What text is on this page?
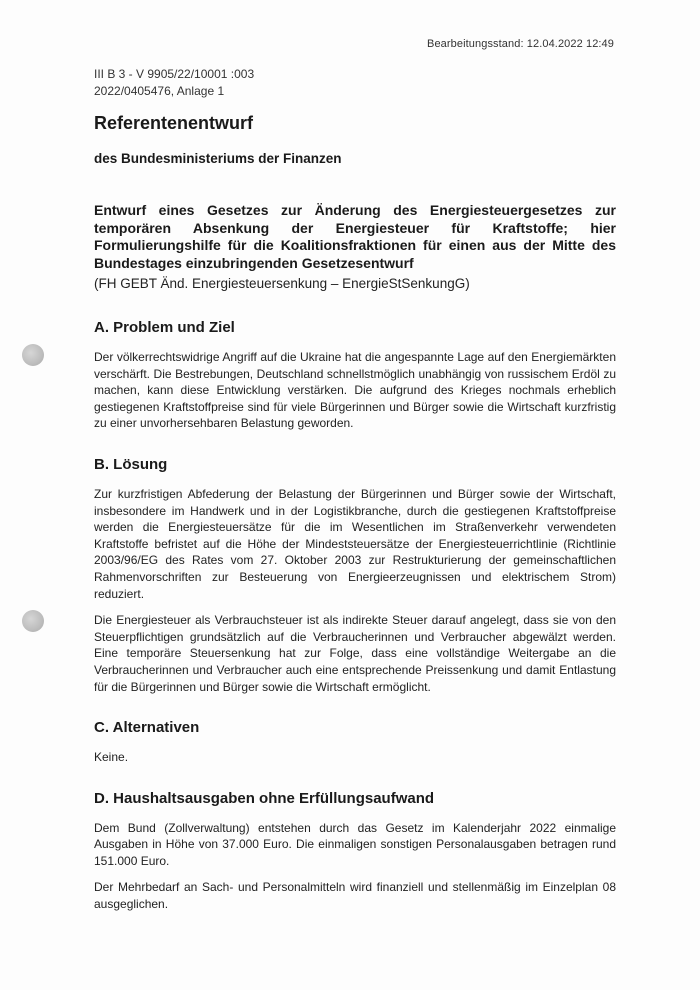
Bearbeitungsstand: 12.04.2022 12:49
III B 3 - V 9905/22/10001 :003
2022/0405476, Anlage 1
Referentenentwurf
des Bundesministeriums der Finanzen
Entwurf eines Gesetzes zur Änderung des Energiesteuergesetzes zur temporären Absenkung der Energiesteuer für Kraftstoffe; hier Formulierungshilfe für die Koalitionsfraktionen für einen aus der Mitte des Bundestages einzubringenden Gesetzesentwurf
(FH GEBT Änd. Energiesteuersenkung – EnergieStSenkungG)
A. Problem und Ziel

Der völkerrechtswidrige Angriff auf die Ukraine hat die angespannte Lage auf den Energiemärkten verschärft. Die Bestrebungen, Deutschland schnellstmöglich unabhängig von russischem Erdöl zu machen, kann diese Entwicklung verstärken. Die aufgrund des Krieges nochmals erheblich gestiegenen Kraftstoffpreise sind für viele Bürgerinnen und Bürger sowie die Wirtschaft kurzfristig zu einer unvorhersehbaren Belastung geworden.

B. Lösung

Zur kurzfristigen Abfederung der Belastung der Bürgerinnen und Bürger sowie der Wirtschaft, insbesondere im Handwerk und in der Logistikbranche, durch die gestiegenen Kraftstoffpreise werden die Energiesteuersätze für die im Wesentlichen im Straßenverkehr verwendeten Kraftstoffe befristet auf die Höhe der Mindeststeuersätze der Energiesteuerrichtlinie (Richtlinie 2003/96/EG des Rates vom 27. Oktober 2003 zur Restrukturierung der gemeinschaftlichen Rahmenvorschriften zur Besteuerung von Energieerzeugnissen und elektrischem Strom) reduziert.

Die Energiesteuer als Verbrauchsteuer ist als indirekte Steuer darauf angelegt, dass sie von den Steuerpflichtigen grundsätzlich auf die Verbraucherinnen und Verbraucher abgewälzt werden. Eine temporäre Steuersenkung hat zur Folge, dass eine vollständige Weitergabe an die Verbraucherinnen und Verbraucher auch eine entsprechende Preissenkung und damit Entlastung für die Bürgerinnen und Bürger sowie die Wirtschaft ermöglicht.

C. Alternativen

Keine.

D. Haushaltsausgaben ohne Erfüllungsaufwand

Dem Bund (Zollverwaltung) entstehen durch das Gesetz im Kalenderjahr 2022 einmalige Ausgaben in Höhe von 37.000 Euro. Die einmaligen sonstigen Personalausgaben betragen rund 151.000 Euro.

Der Mehrbedarf an Sach- und Personalmitteln wird finanziell und stellenmäßig im Einzelplan 08 ausgeglichen.
